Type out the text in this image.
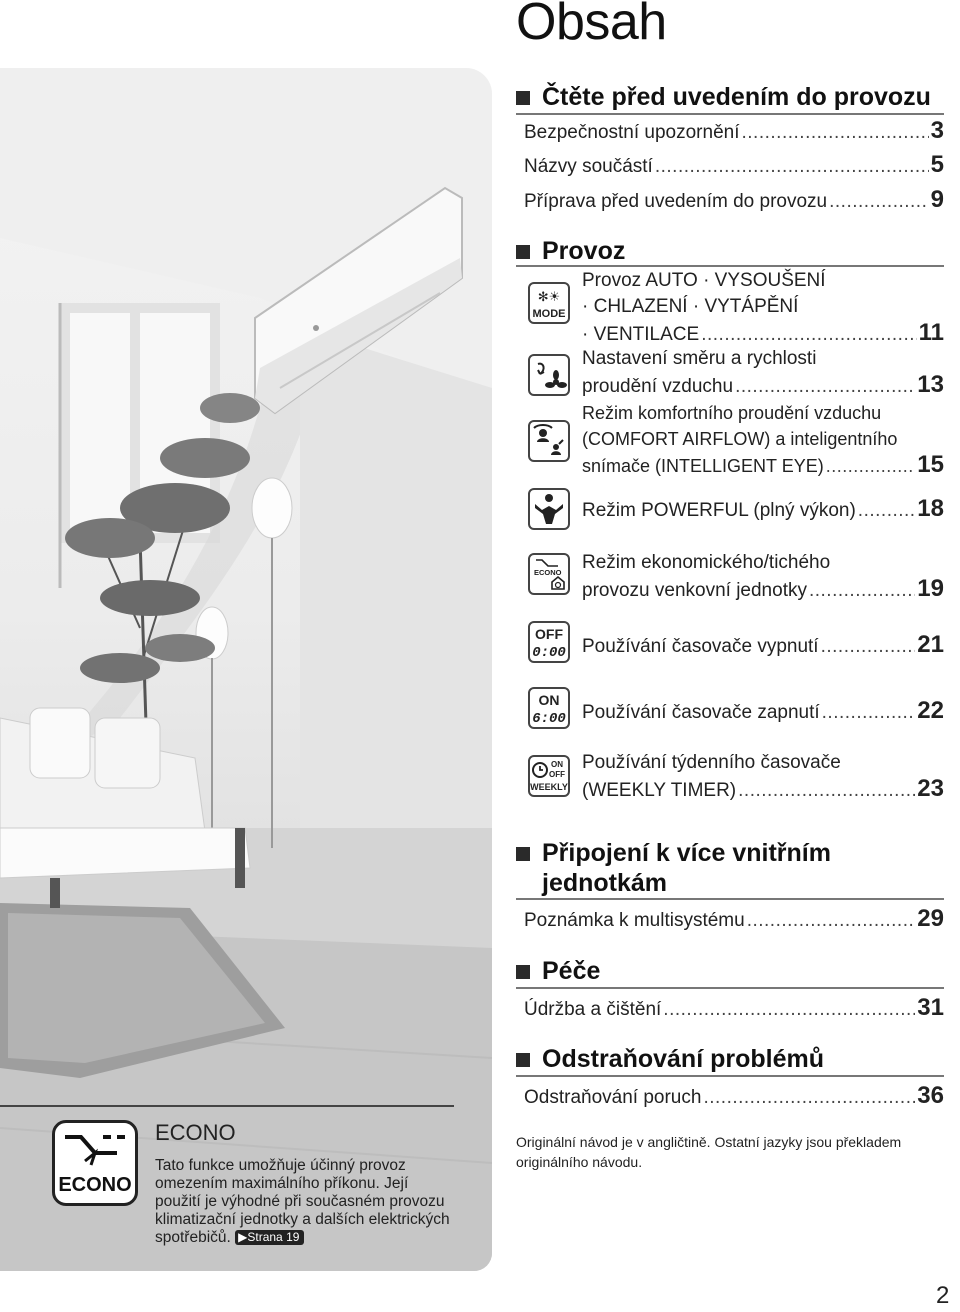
Obsah
Čtěte před uvedením do provozu
Bezpečnostní upozornění .....	3
Názvy součástí .....	5
Příprava před uvedením do provozu .....	9
Provoz
✻☀
MODE
Provoz AUTO · VYSOUŠENÍ
· CHLAZENÍ · VYTÁPĚNÍ
· VENTILACE .....	11
Nastavení směru a rychlosti
proudění vzduchu .....	13
Režim komfortního proudění vzduchu
(COMFORT AIRFLOW) a inteligentního
snímače (INTELLIGENT EYE) .....	15
Režim POWERFUL (plný výkon) .....	18
ECONO Režim ekonomického/tichého
provozu venkovní jednotky .....	19
OFF
0:00 Používání časovače vypnutí .....	21
ON
6:00 Používání časovače zapnutí .....	22
ON
OFF
WEEKLY
Používání týdenního časovače
(WEEKLY TIMER) .....	23
Připojení k více vnitřním
jednotkám
Poznámka k multisystému .....	29
Péče
Údržba a čištění .....	31
Odstraňování problémů
Odstraňování poruch .....	36
Originální návod je v angličtině. Ostatní jazyky jsou překladem originálního návodu.
ECONO
ECONO
Tato funkce umožňuje účinný provoz omezením maximálního příkonu. Její použití je výhodné při současném provozu klimatizační jednotky a dalších elektrických spotřebičů. ▶Strana 19
2
